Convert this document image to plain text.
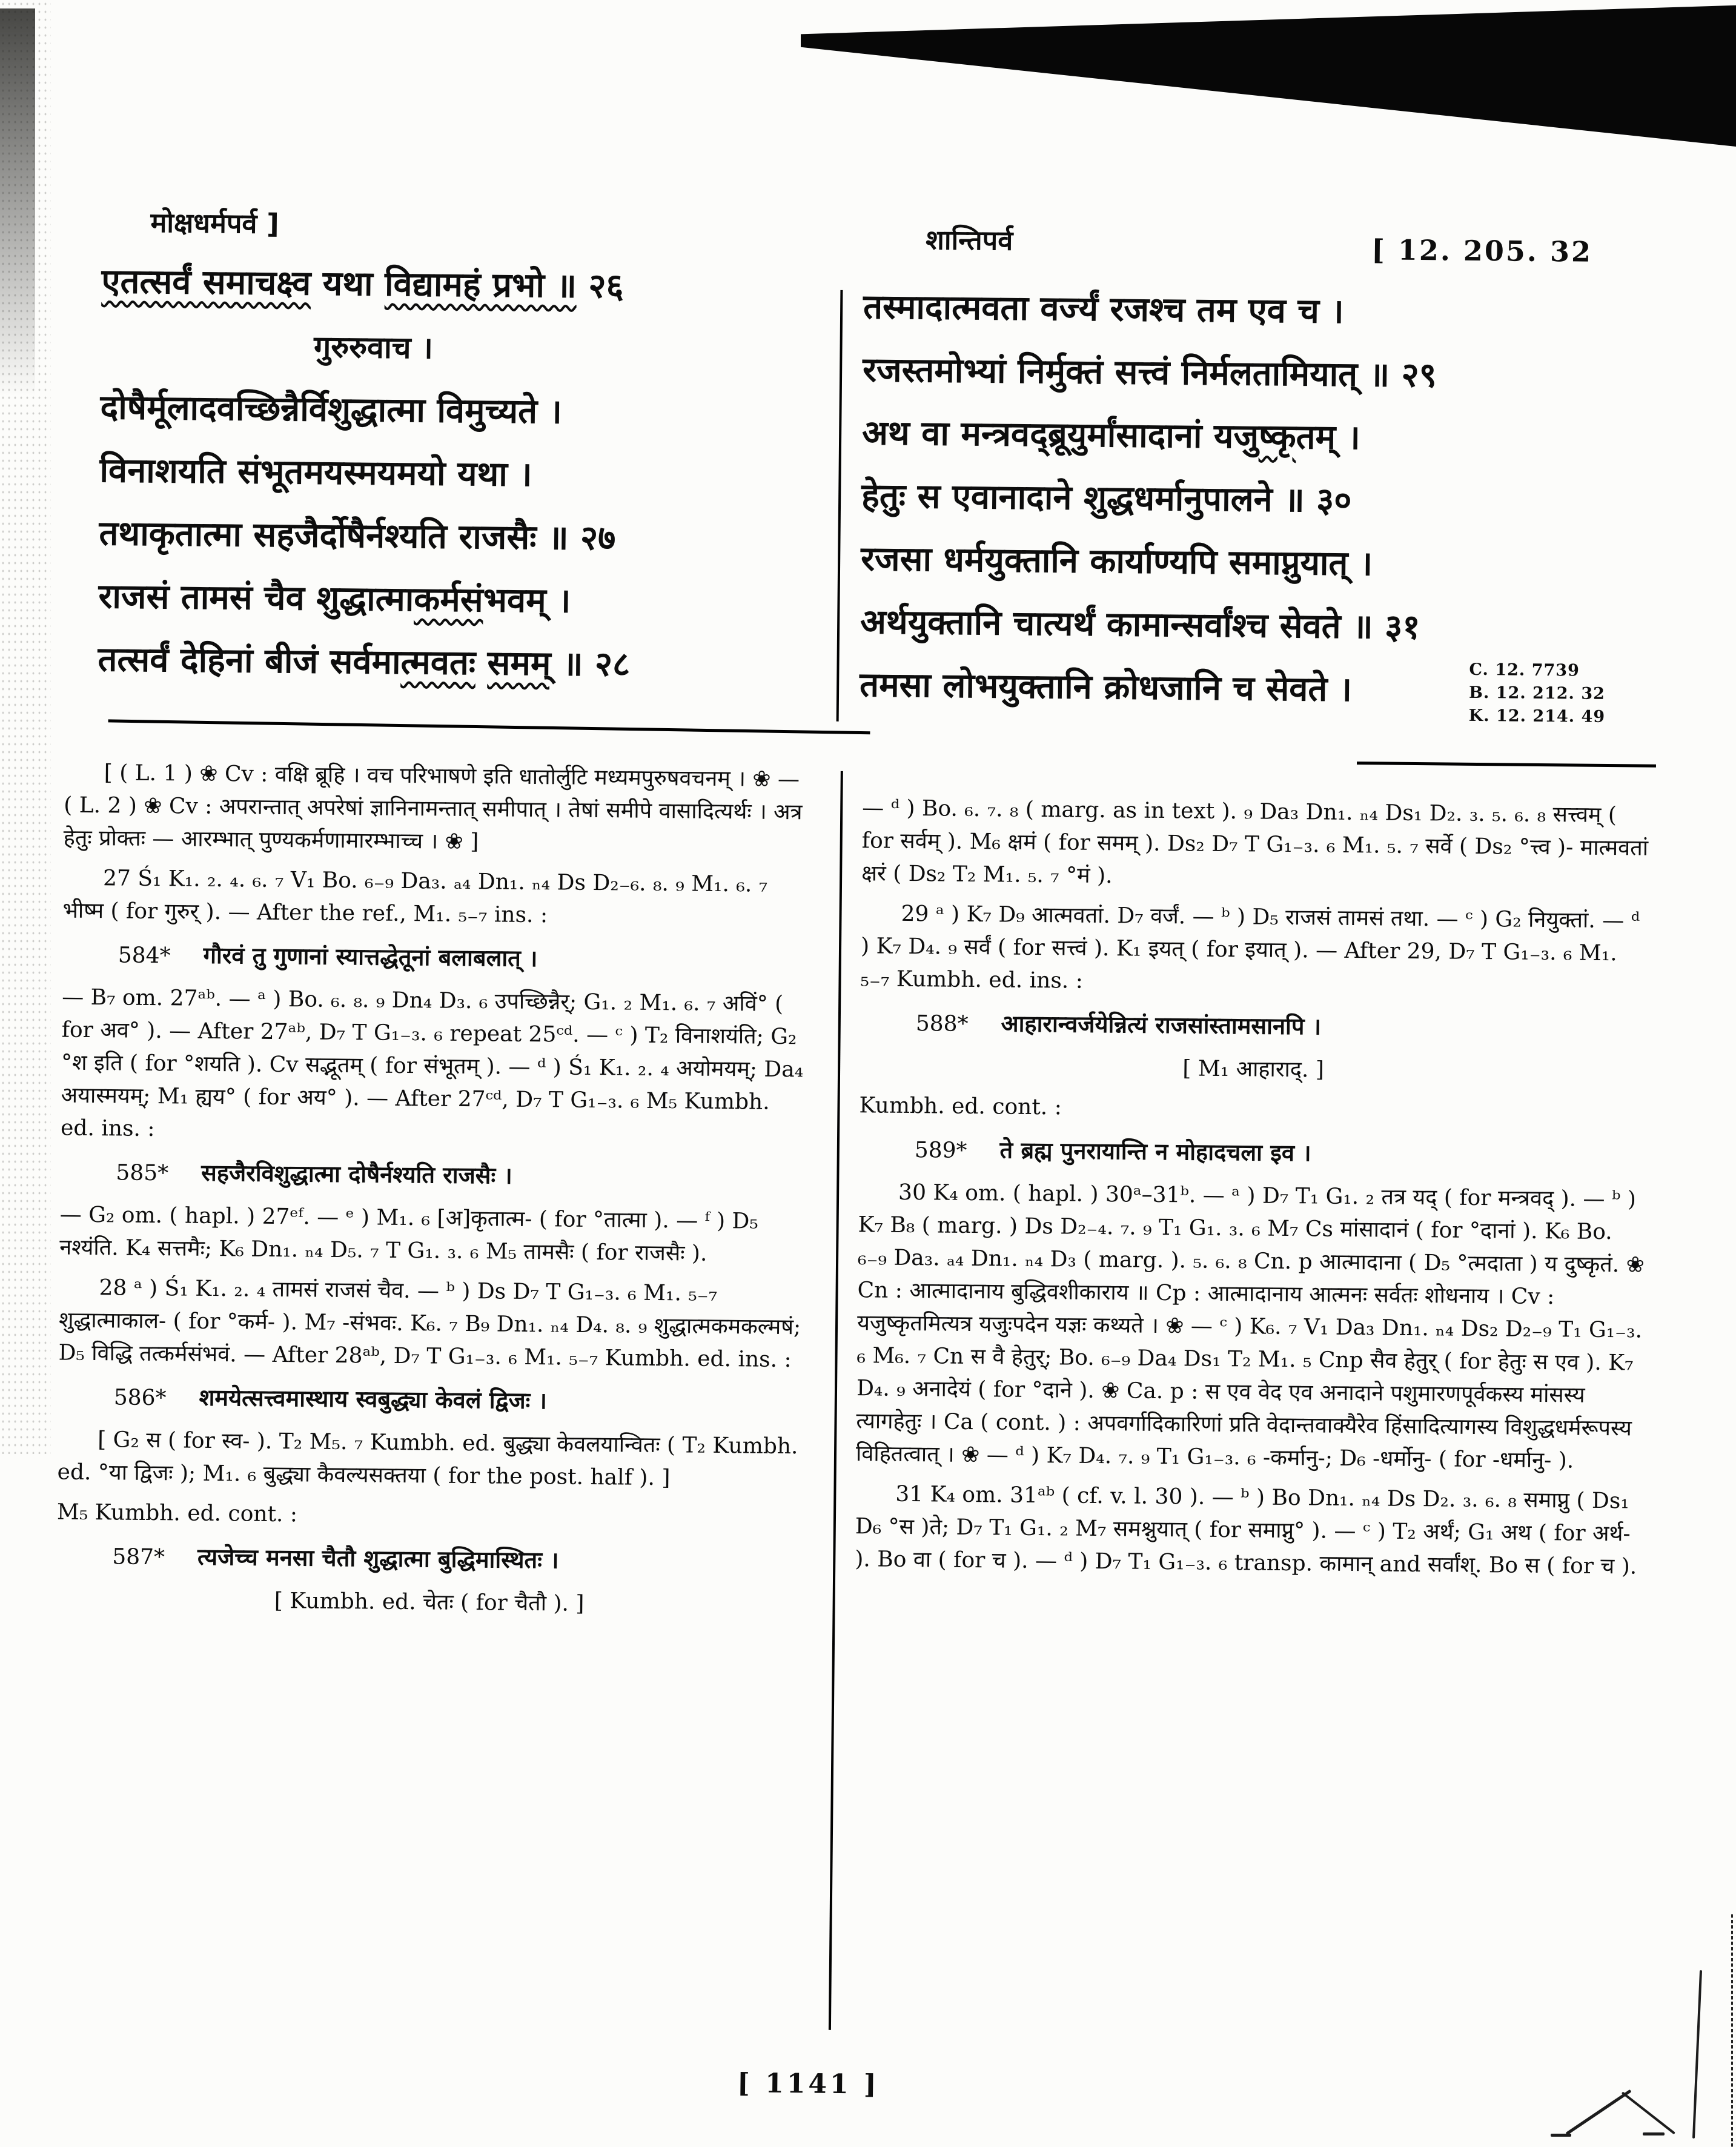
मोक्षधर्मपर्व ]
शान्तिपर्व	[ 12. 205. 32
एतत्सर्वं समाचक्ष्व यथा विद्यामहं प्रभो ॥ २६
गुरुरुवाच ।
दोषैर्मूलादवच्छिन्नैर्विशुद्धात्मा विमुच्यते ।
विनाशयति संभूतमयस्मयमयो यथा ।
तथाकृतात्मा सहजैर्दोषैर्नश्यति राजसैः ॥ २७
राजसं तामसं चैव शुद्धात्माकर्मसंभवम् ।
तत्सर्वं देहिनां बीजं सर्वमात्मवतः समम् ॥ २८
तस्मादात्मवता वर्ज्यं रजश्च तम एव च ।
रजस्तमोभ्यां निर्मुक्तं सत्त्वं निर्मलतामियात् ॥ २९
अथ वा मन्त्रवद्ब्रूयुर्मांसादानां यजुष्कृतम् ।
हेतुः स एवानादाने शुद्धधर्मानुपालने ॥ ३०
रजसा धर्मयुक्तानि कार्याण्यपि समाप्नुयात् ।
अर्थयुक्तानि चात्यर्थं कामान्सर्वांश्च सेवते ॥ ३१
तमसा लोभयुक्तानि क्रोधजानि च सेवते ।	C. 12. 7739
B. 12. 212. 32
K. 12. 214. 49

[ ( L. 1 ) ❀ Cv : वक्षि ब्रूहि । वच परिभाषणे इति धातोर्लुटि मध्यमपुरुषवचनम् । ❀ — ( L. 2 ) ❀ Cv : अपरान्तात् अपरेषां ज्ञानिनामन्तात् समीपात् । तेषां समीपे वासादित्यर्थः । अत्र हेतुः प्रोक्तः — आरम्भात् पुण्यकर्मणामारम्भाच्च । ❀ ]

27 Ś₁ K₁. ₂. ₄. ₆. ₇ V₁ Bo. ₆₋₉ Da₃. ₐ₄ Dn₁. ₙ₄ Ds D₂₋₆. ₈. ₉ M₁. ₆. ₇ भीष्म ( for गुरुर् ). — After the ref., M₁. ₅₋₇ ins. :

584* गौरवं तु गुणानां स्यात्तद्धेतूनां बलाबलात् ।

— B₇ om. 27ᵃᵇ. — ᵃ ) Bo. ₆. ₈. ₉ Dn₄ D₃. ₆ उपच्छिन्नैर्; G₁. ₂ M₁. ₆. ₇ अविं° ( for अव° ). — After 27ᵃᵇ, D₇ T G₁₋₃. ₆ repeat 25ᶜᵈ. — ᶜ ) T₂ विनाशयंति; G₂ °श इति ( for °शयति ). Cv सद्भूतम् ( for संभूतम् ). — ᵈ ) Ś₁ K₁. ₂. ₄ अयोमयम्; Da₄ अयास्मयम्; M₁ ह्यय° ( for अय° ). — After 27ᶜᵈ, D₇ T G₁₋₃. ₆ M₅ Kumbh. ed. ins. :

585* सहजैरविशुद्धात्मा दोषैर्नश्यति राजसैः ।

— G₂ om. ( hapl. ) 27ᵉᶠ. — ᵉ ) M₁. ₆ [अ]कृतात्म- ( for °तात्मा ). — ᶠ ) D₅ नश्यंति. K₄ सत्तमैः; K₆ Dn₁. ₙ₄ D₅. ₇ T G₁. ₃. ₆ M₅ तामसैः ( for राजसैः ).

28 ᵃ ) Ś₁ K₁. ₂. ₄ तामसं राजसं चैव. — ᵇ ) Ds D₇ T G₁₋₃. ₆ M₁. ₅₋₇ शुद्धात्माकाल- ( for °कर्म- ). M₇ -संभवः. K₆. ₇ B₉ Dn₁. ₙ₄ D₄. ₈. ₉ शुद्धात्मकमकल्मषं; D₅ विद्धि तत्कर्मसंभवं. — After 28ᵃᵇ, D₇ T G₁₋₃. ₆ M₁. ₅₋₇ Kumbh. ed. ins. :

586* शमयेत्सत्त्वमास्थाय स्वबुद्ध्या केवलं द्विजः ।

[ G₂ स ( for स्व- ). T₂ M₅. ₇ Kumbh. ed. बुद्ध्या केवलयान्वितः ( T₂ Kumbh. ed. °या द्विजः ); M₁. ₆ बुद्ध्या कैवल्यसक्तया ( for the post. half ). ]

M₅ Kumbh. ed. cont. :

587* त्यजेच्च मनसा चैतौ शुद्धात्मा बुद्धिमास्थितः ।

[ Kumbh. ed. चेतः ( for चैतौ ). ]

— ᵈ ) Bo. ₆. ₇. ₈ ( marg. as in text ). ₉ Da₃ Dn₁. ₙ₄ Ds₁ D₂. ₃. ₅. ₆. ₈ सत्त्वम् ( for सर्वम् ). M₆ क्षमं ( for समम् ). Ds₂ D₇ T G₁₋₃. ₆ M₁. ₅. ₇ सर्वे ( Ds₂ °त्त्व )- मात्मवतां क्षरं ( Ds₂ T₂ M₁. ₅. ₇ °मं ).

29 ᵃ ) K₇ D₉ आत्मवतां. D₇ वर्जं. — ᵇ ) D₅ राजसं तामसं तथा. — ᶜ ) G₂ नियुक्तां. — ᵈ ) K₇ D₄. ₉ सर्वं ( for सत्त्वं ). K₁ इयत् ( for इयात् ). — After 29, D₇ T G₁₋₃. ₆ M₁. ₅₋₇ Kumbh. ed. ins. :

588* आहारान्वर्जयेन्नित्यं राजसांस्तामसानपि ।

[ M₁ आहाराद्. ]

Kumbh. ed. cont. :

589* ते ब्रह्म पुनरायान्ति न मोहादचला इव ।

30 K₄ om. ( hapl. ) 30ᵃ–31ᵇ. — ᵃ ) D₇ T₁ G₁. ₂ तत्र यद् ( for मन्त्रवद् ). — ᵇ ) K₇ B₈ ( marg. ) Ds D₂₋₄. ₇. ₉ T₁ G₁. ₃. ₆ M₇ Cs मांसादानं ( for °दानां ). K₆ Bo. ₆₋₉ Da₃. ₐ₄ Dn₁. ₙ₄ D₃ ( marg. ). ₅. ₆. ₈ Cn. p आत्मादाना ( D₅ °त्मदाता ) य दुष्कृतं. ❀ Cn : आत्मादानाय बुद्धिवशीकाराय ॥ Cp : आत्मादानाय आत्मनः सर्वतः शोधनाय । Cv : यजुष्कृतमित्यत्र यजुःपदेन यज्ञः कथ्यते । ❀ — ᶜ ) K₆. ₇ V₁ Da₃ Dn₁. ₙ₄ Ds₂ D₂₋₉ T₁ G₁₋₃. ₆ M₆. ₇ Cn स वै हेतुर्; Bo. ₆₋₉ Da₄ Ds₁ T₂ M₁. ₅ Cnp सैव हेतुर् ( for हेतुः स एव ). K₇ D₄. ₉ अनादेयं ( for °दाने ). ❀ Ca. p : स एव वेद एव अनादाने पशुमारणपूर्वकस्य मांसस्य त्यागहेतुः । Ca ( cont. ) : अपवर्गादिकारिणां प्रति वेदान्तवाक्यैरेव हिंसादित्यागस्य विशुद्धधर्मरूपस्य विहितत्वात् । ❀ — ᵈ ) K₇ D₄. ₇. ₉ T₁ G₁₋₃. ₆ -कर्मानु-; D₆ -धर्मोनु- ( for -धर्मानु- ).

31 K₄ om. 31ᵃᵇ ( cf. v. l. 30 ). — ᵇ ) Bo Dn₁. ₙ₄ Ds D₂. ₃. ₆. ₈ समाप्नु ( Ds₁ D₆ °स )ते; D₇ T₁ G₁. ₂ M₇ समश्नुयात् ( for समाप्नु° ). — ᶜ ) T₂ अर्थं; G₁ अथ ( for अर्थ- ). Bo वा ( for च ). — ᵈ ) D₇ T₁ G₁₋₃. ₆ transp. कामान् and सर्वांश्. Bo स ( for च ).

[ 1141 ]
